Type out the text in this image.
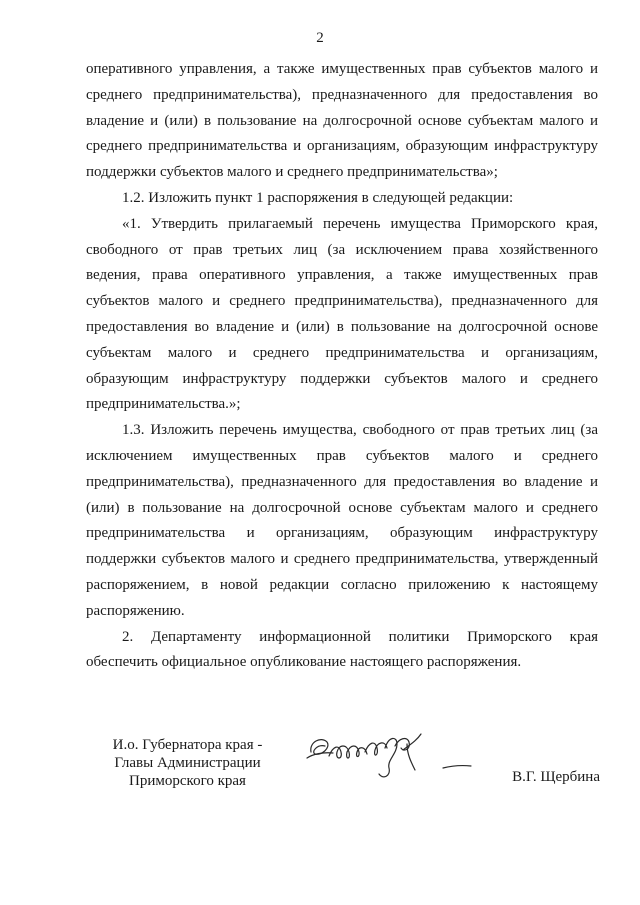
2

оперативного управления, а также имущественных прав субъектов малого и среднего предпринимательства), предназначенного для предоставления во владение и (или) в пользование на долгосрочной основе субъектам малого и среднего предпринимательства и организациям, образующим инфраструктуру поддержки субъектов малого и среднего предпринимательства»;

1.2. Изложить пункт 1 распоряжения в следующей редакции:

«1. Утвердить прилагаемый перечень имущества Приморского края, свободного от прав третьих лиц (за исключением права хозяйственного ведения, права оперативного управления, а также имущественных прав субъектов малого и среднего предпринимательства), предназначенного для предоставления во владение и (или) в пользование на долгосрочной основе субъектам малого и среднего предпринимательства и организациям, образующим инфраструктуру поддержки субъектов малого и среднего предпринимательства.»;

1.3. Изложить перечень имущества, свободного от прав третьих лиц (за исключением имущественных прав субъектов малого и среднего предпринимательства), предназначенного для предоставления во владение и (или) в пользование на долгосрочной основе субъектам малого и среднего предпринимательства и организациям, образующим инфраструктуру поддержки субъектов малого и среднего предпринимательства, утвержденный распоряжением, в новой редакции согласно приложению к настоящему распоряжению.

2. Департаменту информационной политики Приморского края обеспечить официальное опубликование настоящего распоряжения.

И.о. Губернатора края -
Главы Администрации
Приморского края	В.Г. Щербина
